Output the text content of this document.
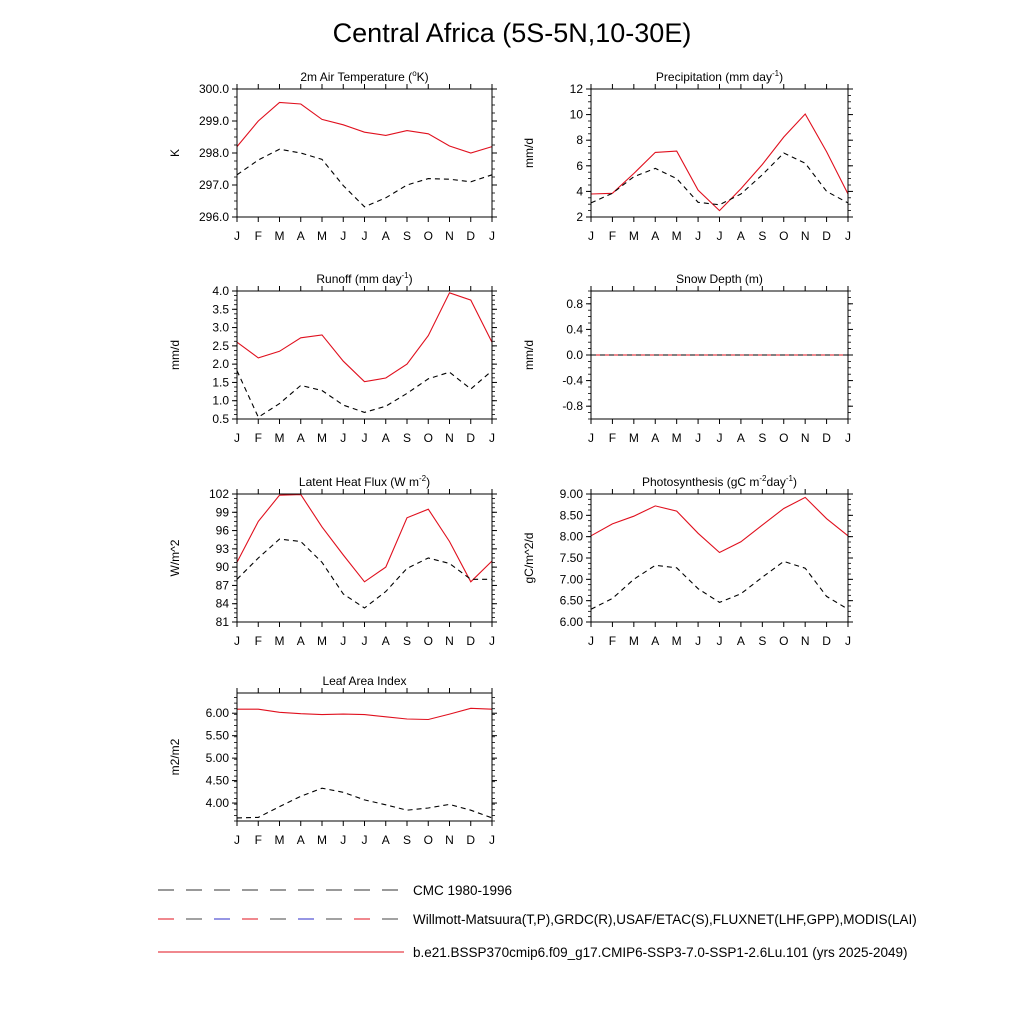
Central Africa (5S-5N,10-30E)
2m Air Temperature ($^o$K)
K
296.0
297.0
298.0
299.0
300.0
J F M A M J J A S O N D J
Precipitation (mm day$^{-1}$)
mm/d
2
4
6
8
10
12
J F M A M J J A S O N D J
Runoff (mm day$^{-1}$)
mm/d
0.5
1.0
1.5
2.0
2.5
3.0
3.5
4.0
J F M A M J J A S O N D J
Snow Depth (m)
mm/d
-0.8
-0.4
0.0
0.4
0.8
J F M A M J J A S O N D J
Latent Heat Flux (W $m^{-2}$)
W/m^2
81
84
87
90
93
96
99
102
J F M A M J J A S O N D J
Photosynthesis (gC $m^{-2}day^{-1}$)
gC/m^2/d
6.00
6.50
7.00
7.50
8.00
8.50
9.00
J F M A M J J A S O N D J
Leaf Area Index
m2/m2
4.00
4.50
5.00
5.50
6.00
J F M A M J J A S O N D J
CMC 1980-1996
Willmott-Matsuura(T,P),GRDC(R),USAF/ETAC(S),FLUXNET(LHF,GPP),MODIS(LAI)
b.e21.BSSP370cmip6.f09_g17.CMIP6-SSP3-7.0-SSP1-2.6Lu.101 (yrs 2025-2049)
